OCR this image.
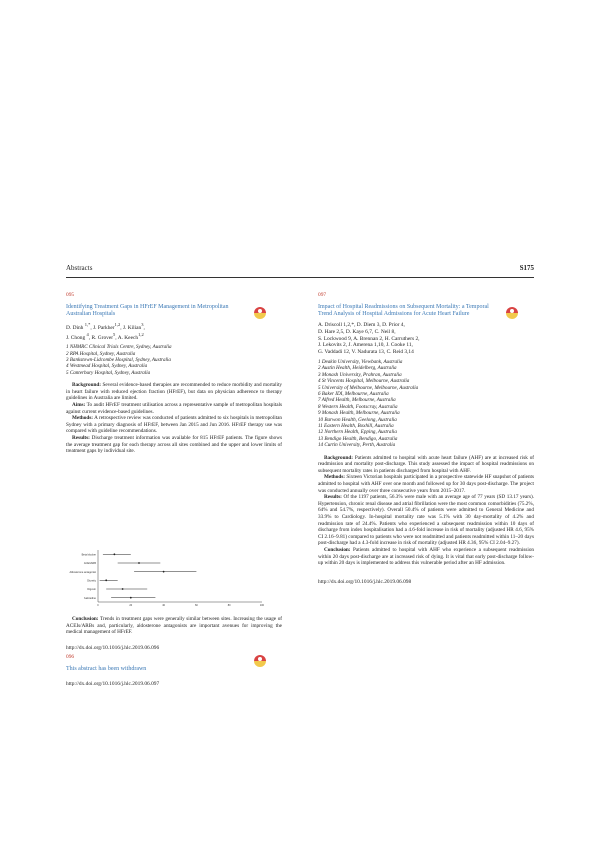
Abstracts	S175
095
Identifying Treatment Gaps in HFrEF Management in Metropolitan Australian Hospitals
D. Dinh $^{1,*}$, J. Parkher$^{1,2}$, J. Kilian$^3$,
J. Chong $^4$, R. Grover$^5$, A. Keech$^{1,2}$
1 NHMRC Clinical Trials Centre, Sydney, Australia
2 RPA Hospital, Sydney, Australia
3 Bankstown-Lidcombe Hospital, Sydney, Australia
4 Westmead Hospital, Sydney, Australia
5 Canterbury Hospital, Sydney, Australia

Background: Several evidence-based therapies are recommended to reduce morbidity and mortality in heart failure with reduced ejection fraction (HFrEF), but data on physician adherence to therapy guidelines in Australia are limited.

Aims: To audit HFrEF treatment utilisation across a representative sample of metropolitan hospitals against current evidence-based guidelines.

Methods: A retrospective review was conducted of patients admitted to six hospitals in metropolitan Sydney with a primary diagnosis of HFrEF, between Jan 2015 and Jun 2016. HFrEF therapy use was compared with guideline recommendations.

Results: Discharge treatment information was available for 815 HFrEF patients. The figure shows the average treatment gap for each therapy across all sites combined and the upper and lower limits of treatment gaps by individual site.

Beta blocker
ACEI/ARB
Aldosterone antagonist
Diuretic
Digoxin
Ivabradine
0	20	40	60	80	100

Conclusion: Trends in treatment gaps were generally similar between sites. Increasing the usage of ACEIs/ARBs and, particularly, aldosterone antagonists are important avenues for improving the medical management of HFrEF.

http://dx.doi.org/10.1016/j.hlc.2019.06.096
096
This abstract has been withdrawn
http://dx.doi.org/10.1016/j.hlc.2019.06.097
097
Impact of Hospital Readmissions on Subsequent Mortality: a Temporal Trend Analysis of Hospital Admissions for Acute Heart Failure
A. Driscoll 1,2,*, D. Diem 3, D. Prior 4,
D. Hare 2,5, D. Kaye 6,7, C. Neil 8,
S. Lockwood 9, A. Brennan 2, H. Carruthers 2,
J. Lekovits 2, J. Amerena 1,10, J. Cooke 11,
G. Vaddadi 12, V. Nadurata 13, C. Reid 3,14
1 Deakin University, Viewbank, Australia
2 Austin Health, Heidelberg, Australia
3 Monash University, Prahran, Australia
4 St Vincents Hospital, Melbourne, Australia
5 University of Melbourne, Melbourne, Australia
6 Baker IDI, Melbourne, Australia
7 Alfred Health, Melbourne, Australia
8 Western Health, Footscray, Australia
9 Monash Health, Melbourne, Australia
10 Barwon Health, Geelong, Australia
11 Eastern Health, Boxhill, Australia
12 Northern Health, Epping, Australia
13 Bendigo Health, Bendigo, Australia
14 Curtin University, Perth, Australia

Background: Patients admitted to hospital with acute heart failure (AHF) are at increased risk of readmission and mortality post-discharge. This study assessed the impact of hospital readmissions on subsequent mortality rates in patients discharged from hospital with AHF.

Methods: Sixteen Victorian hospitals participated in a prospective statewide HF snapshot of patients admitted to hospital with AHF over one month and followed up for 30 days post-discharge. The project was conducted annually over three consecutive years from 2015–2017.

Results: Of the 1197 patients, 56.3% were male with an average age of 77 years (SD 13.17 years). Hypertension, chronic renal disease and atrial fibrillation were the most common comorbidities (75.2%, 64% and 54.7%, respectively). Overall 50.4% of patients were admitted to General Medicine and 33.9% to Cardiology. In-hospital mortality rate was 5.1% with 30 day-mortality of 4.2% and readmission rate of 24.4%. Patients who experienced a subsequent readmission within 10 days of discharge from index hospitalisation had a 4.6-fold increase in risk of mortality (adjusted HR 4.6, 95% CI 2.16–9.81) compared to patients who were not readmitted and patients readmitted within 11–20 days post-discharge had a 4.3-fold increase in risk of mortality (adjusted HR 4.36, 95% CI 2.04–9.27).

Conclusion: Patients admitted to hospital with AHF who experience a subsequent readmission within 20 days post-discharge are at increased risk of dying. It is vital that early post-discharge follow-up within 20 days is implemented to address this vulnerable period after an HF admission.

http://dx.doi.org/10.1016/j.hlc.2019.06.098
